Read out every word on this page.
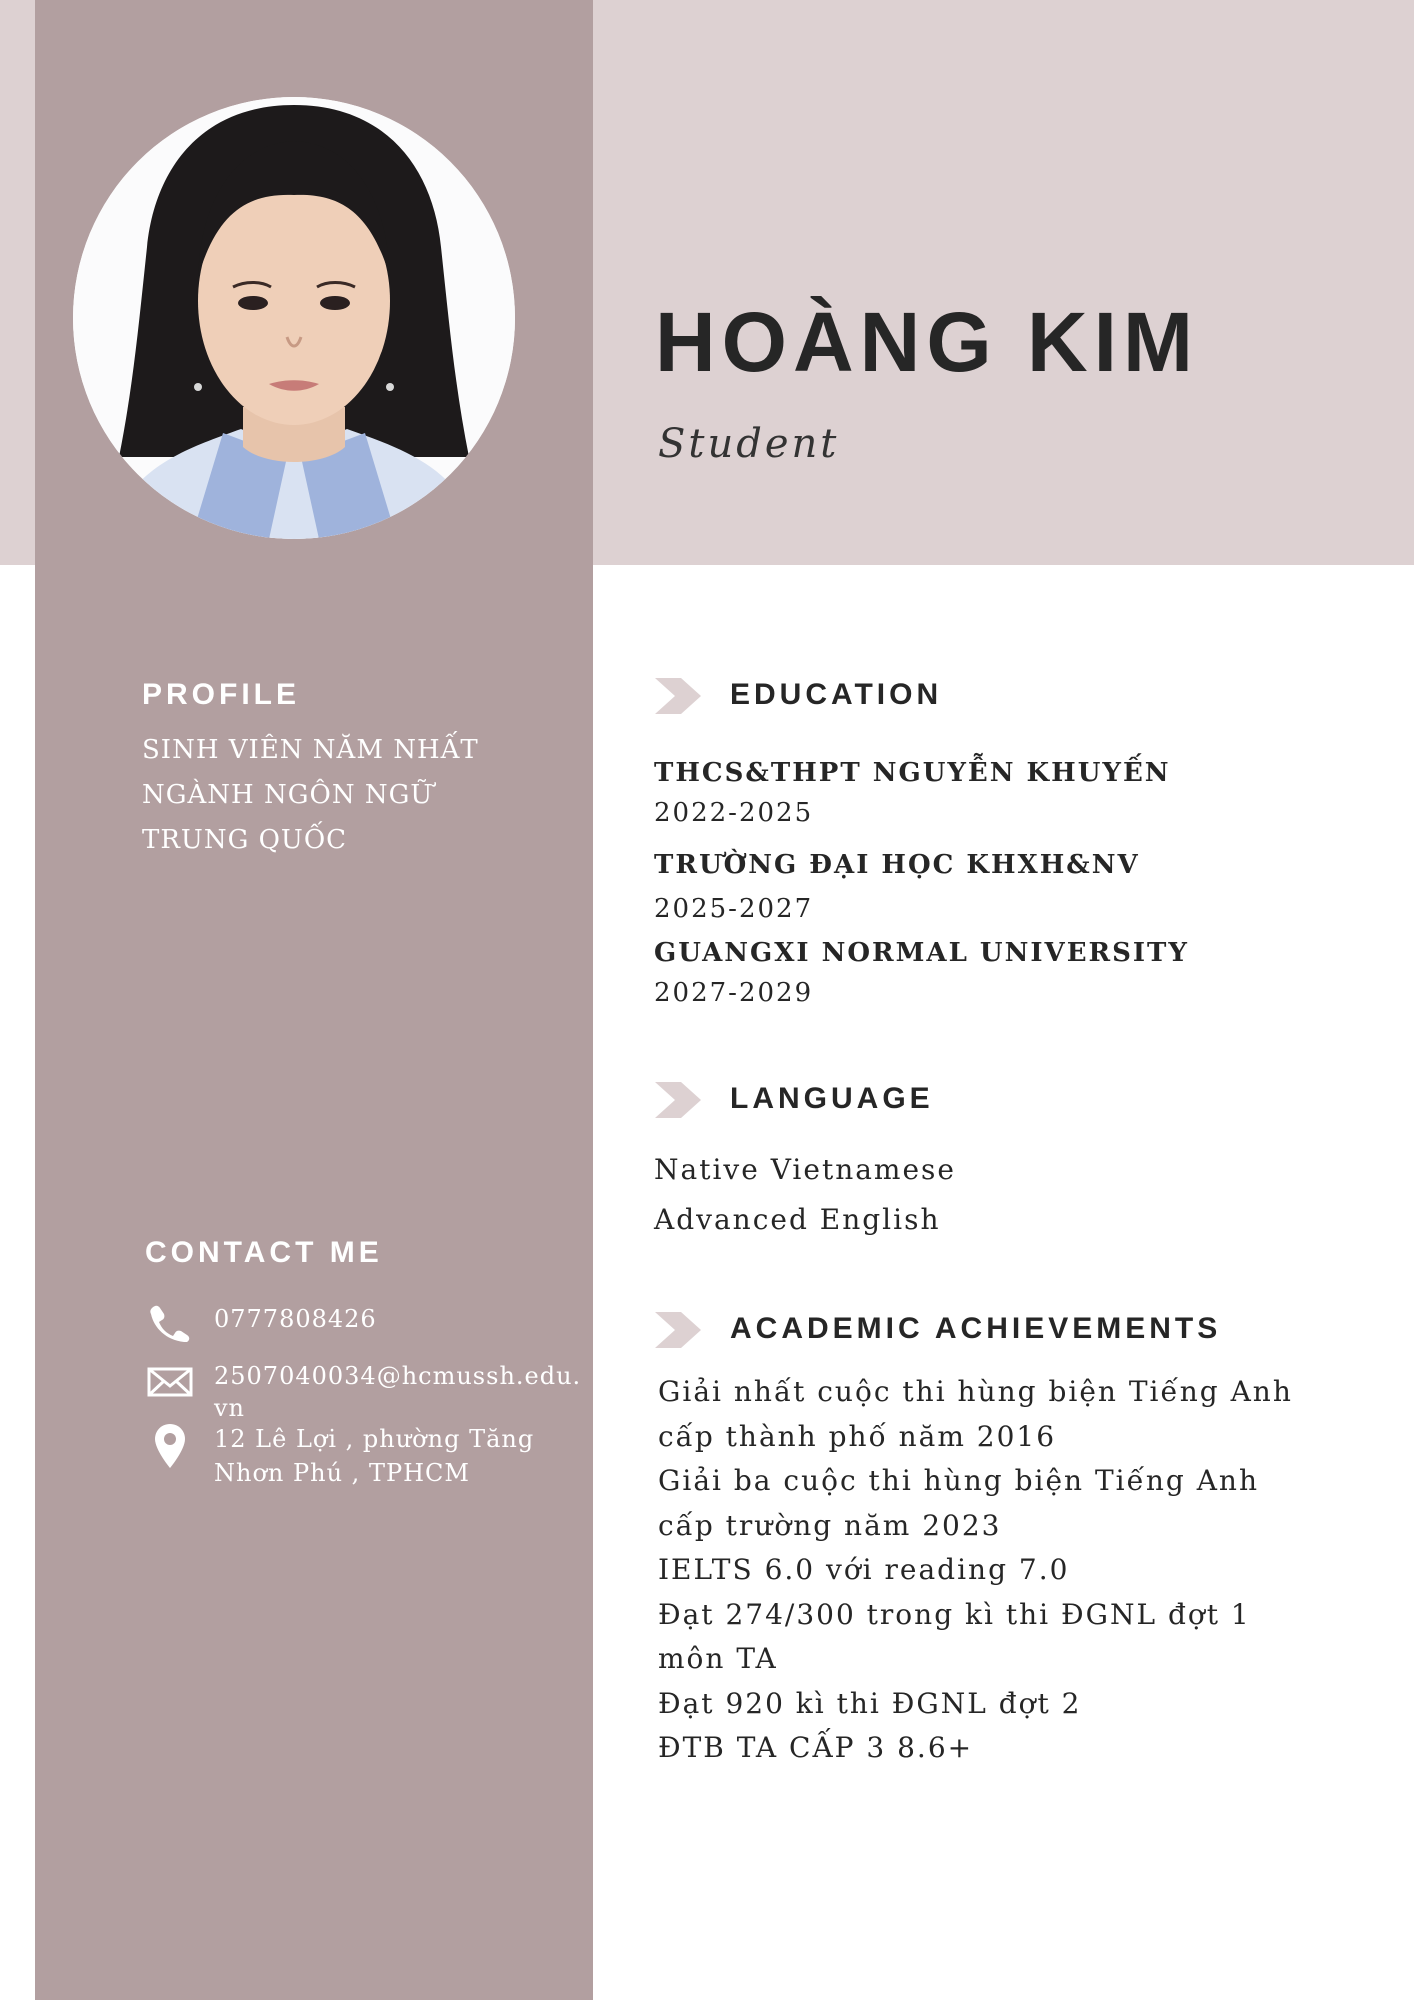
HOÀNG KIM
Student
PROFILE
SINH VIÊN NĂM NHẤT
NGÀNH NGÔN NGỮ
TRUNG QUỐC
CONTACT ME
0777808426
2507040034@hcmussh.edu.vn
12 Lê Lợi , phường Tăng Nhơn Phú , TPHCM
EDUCATION
THCS&THPT NGUYỄN KHUYẾN
2022-2025
TRƯỜNG ĐẠI HỌC KHXH&NV
2025-2027
GUANGXI NORMAL UNIVERSITY
2027-2029
LANGUAGE
Native Vietnamese
Advanced English
ACADEMIC ACHIEVEMENTS
Giải nhất cuộc thi hùng biện Tiếng Anh
cấp thành phố năm 2016
Giải ba cuộc thi hùng biện Tiếng Anh
cấp trường năm 2023
IELTS 6.0 với reading 7.0
Đạt 274/300 trong kì thi ĐGNL đợt 1
môn TA
Đạt 920 kì thi ĐGNL đợt 2
ĐTB TA CẤP 3 8.6+
